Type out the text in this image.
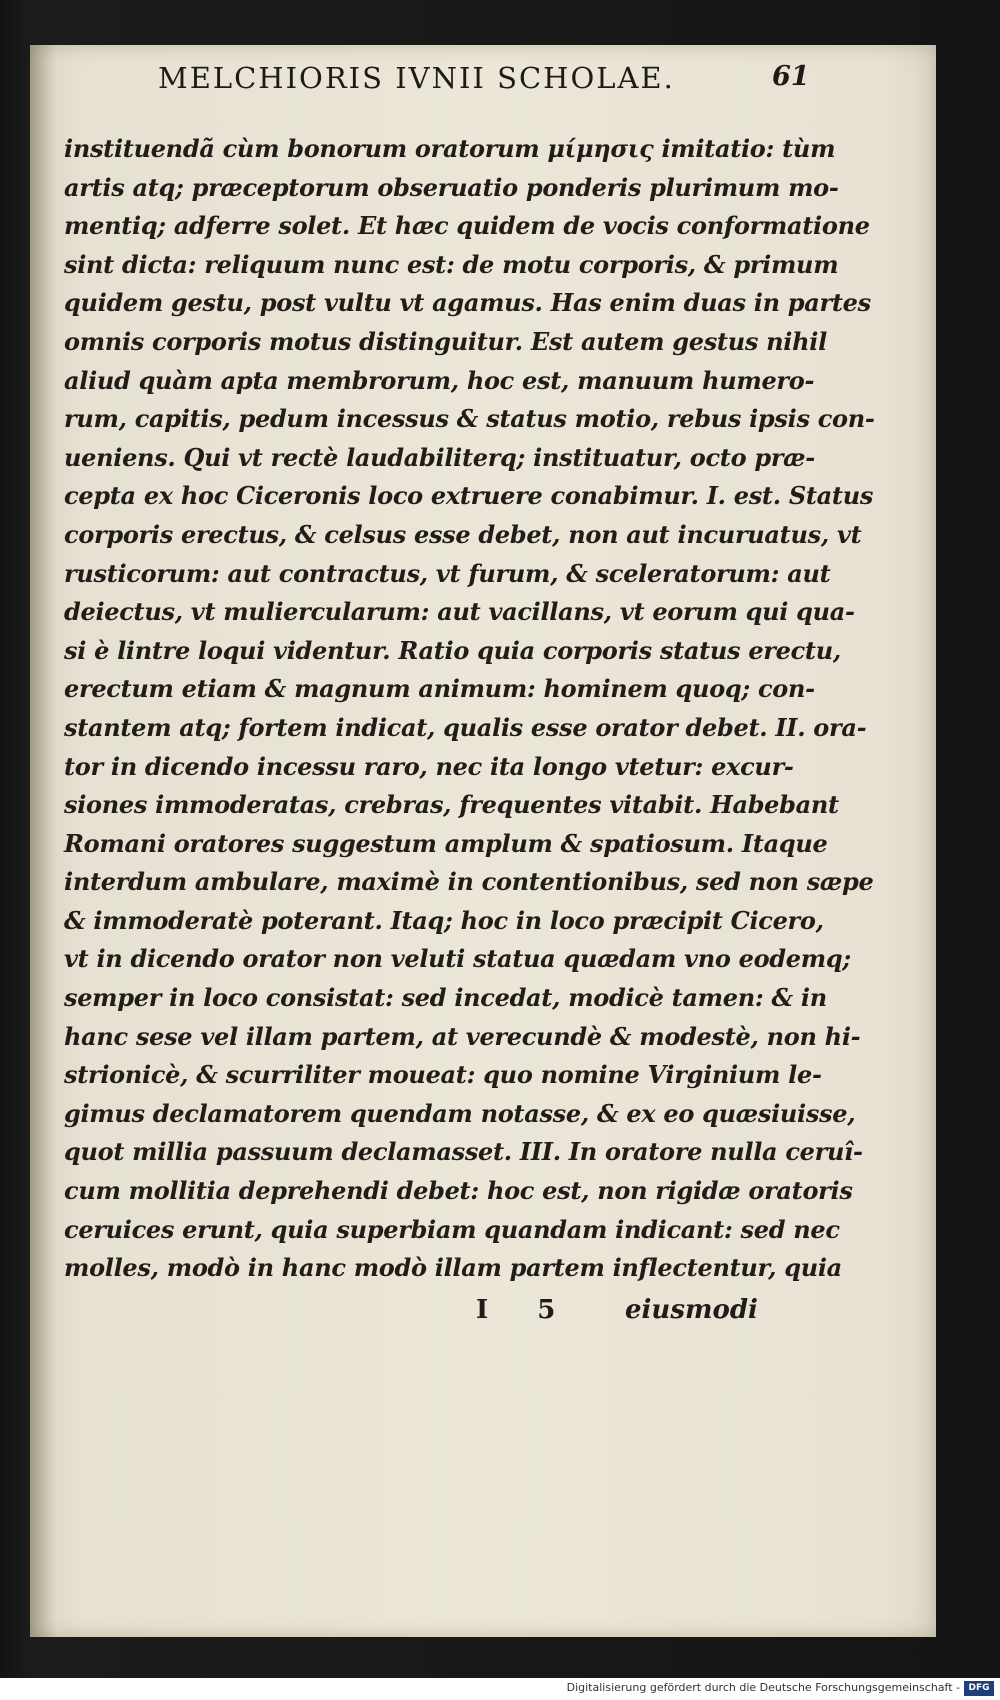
MELCHIORIS IVNII SCHOLAE.	61
instituendã cùm bonorum oratorum μίμησις imitatio: tùm
artis atq; præceptorum obseruatio ponderis plurimum mo-
mentiq; adferre solet. Et hæc quidem de vocis conformatione
sint dicta: reliquum nunc est: de motu corporis, & primum
quidem gestu, post vultu vt agamus. Has enim duas in partes
omnis corporis motus distinguitur. Est autem gestus nihil
aliud quàm apta membrorum, hoc est, manuum humero-
rum, capitis, pedum incessus & status motio, rebus ipsis con-
ueniens. Qui vt rectè laudabiliterq; instituatur, octo præ-
cepta ex hoc Ciceronis loco extruere conabimur. I. est. Status
corporis erectus, & celsus esse debet, non aut incuruatus, vt
rusticorum: aut contractus, vt furum, & sceleratorum: aut
deiectus, vt muliercularum: aut vacillans, vt eorum qui qua-
si è lintre loqui videntur. Ratio quia corporis status erectu,
erectum etiam & magnum animum: hominem quoq; con-
stantem atq; fortem indicat, qualis esse orator debet. II. ora-
tor in dicendo incessu raro, nec ita longo vtetur: excur-
siones immoderatas, crebras, frequentes vitabit. Habebant
Romani oratores suggestum amplum & spatiosum. Itaque
interdum ambulare, maximè in contentionibus, sed non sæpe
& immoderatè poterant. Itaq; hoc in loco præcipit Cicero,
vt in dicendo orator non veluti statua quædam vno eodemq;
semper in loco consistat: sed incedat, modicè tamen: & in
hanc sese vel illam partem, at verecundè & modestè, non hi-
strionicè, & scurriliter moueat: quo nomine Virginium le-
gimus declamatorem quendam notasse, & ex eo quæsiuisse,
quot millia passuum declamasset. III. In oratore nulla ceruî-
cum mollitia deprehendi debet: hoc est, non rigidæ oratoris
ceruices erunt, quia superbiam quandam indicant: sed nec
molles, modò in hanc modò illam partem inflectentur, quia
I 5 eiusmodi
Digitalisierung gefördert durch die Deutsche Forschungsgemeinschaft - DFG
